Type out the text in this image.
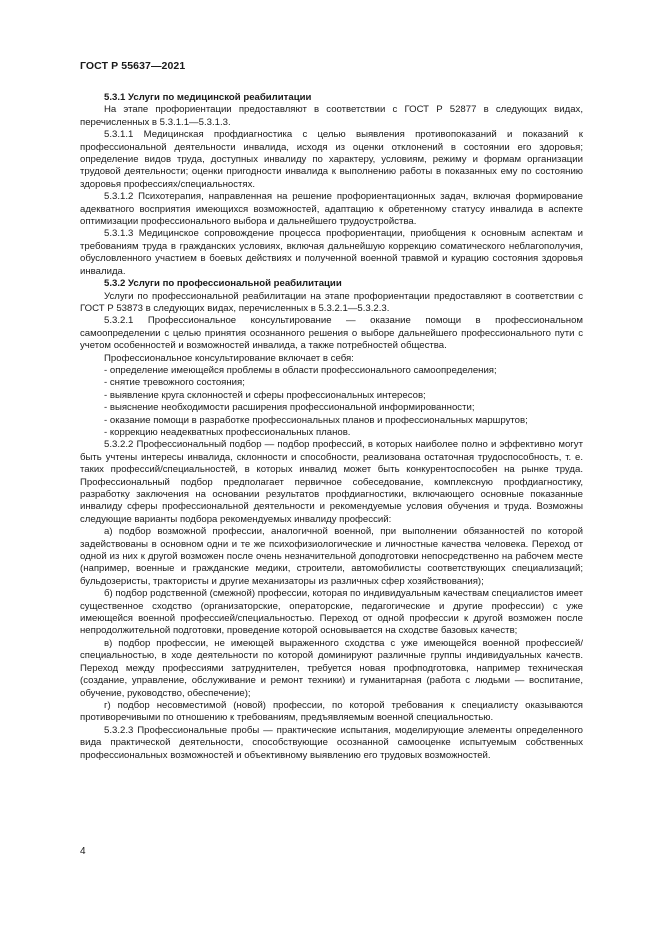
ГОСТ Р 55637—2021

5.3.1 Услуги по медицинской реабилитации

На этапе профориентации предоставляют в соответствии с ГОСТ Р 52877 в следующих видах, перечисленных в 5.3.1.1—5.3.1.3.

5.3.1.1 Медицинская профдиагностика с целью выявления противопоказаний и показаний к профессиональной деятельности инвалида, исходя из оценки отклонений в состоянии его здоровья; определение видов труда, доступных инвалиду по характеру, условиям, режиму и формам организации трудовой деятельности; оценки пригодности инвалида к выполнению работы в показанных ему по состоянию здоровья профессиях/специальностях.

5.3.1.2 Психотерапия, направленная на решение профориентационных задач, включая формирование адекватного восприятия имеющихся возможностей, адаптацию к обретенному статусу инвалида в аспекте оптимизации профессионального выбора и дальнейшего трудоустройства.

5.3.1.3 Медицинское сопровождение процесса профориентации, приобщения к основным аспектам и требованиям труда в гражданских условиях, включая дальнейшую коррекцию соматического неблагополучия, обусловленного участием в боевых действиях и полученной военной травмой и курацию состояния здоровья инвалида.

5.3.2 Услуги по профессиональной реабилитации

Услуги по профессиональной реабилитации на этапе профориентации предоставляют в соответствии с ГОСТ Р 53873 в следующих видах, перечисленных в 5.3.2.1—5.3.2.3.

5.3.2.1 Профессиональное консультирование — оказание помощи в профессиональном самоопределении с целью принятия осознанного решения о выборе дальнейшего профессионального пути с учетом особенностей и возможностей инвалида, а также потребностей общества.

Профессиональное консультирование включает в себя:

- определение имеющейся проблемы в области профессионального самоопределения;

- снятие тревожного состояния;

- выявление круга склонностей и сферы профессиональных интересов;

- выяснение необходимости расширения профессиональной информированности;

- оказание помощи в разработке профессиональных планов и профессиональных маршрутов;

- коррекцию неадекватных профессиональных планов.

5.3.2.2 Профессиональный подбор — подбор профессий, в которых наиболее полно и эффективно могут быть учтены интересы инвалида, склонности и способности, реализована остаточная трудоспособность, т. е. таких профессий/специальностей, в которых инвалид может быть конкурентоспособен на рынке труда. Профессиональный подбор предполагает первичное собеседование, комплексную профдиагностику, разработку заключения на основании результатов профдиагностики, включающего основные показанные инвалиду сферы профессиональной деятельности и рекомендуемые условия обучения и труда. Возможны следующие варианты подбора рекомендуемых инвалиду профессий:

а) подбор возможной профессии, аналогичной военной, при выполнении обязанностей по которой задействованы в основном одни и те же психофизиологические и личностные качества человека. Переход от одной из них к другой возможен после очень незначительной доподготовки непосредственно на рабочем месте (например, военные и гражданские медики, строители, автомобилисты соответствующих специализаций; бульдозеристы, трактористы и другие механизаторы из различных сфер хозяйствования);

б) подбор родственной (смежной) профессии, которая по индивидуальным качествам специалистов имеет существенное сходство (организаторские, операторские, педагогические и другие профессии) с уже имеющейся военной профессией/специальностью. Переход от одной профессии к другой возможен после непродолжительной подготовки, проведение которой основывается на сходстве базовых качеств;

в) подбор профессии, не имеющей выраженного сходства с уже имеющейся военной профессией/специальностью, в ходе деятельности по которой доминируют различные группы индивидуальных качеств. Переход между профессиями затруднителен, требуется новая профподготовка, например техническая (создание, управление, обслуживание и ремонт техники) и гуманитарная (работа с людьми — воспитание, обучение, руководство, обеспечение);

г) подбор несовместимой (новой) профессии, по которой требования к специалисту оказываются противоречивыми по отношению к требованиям, предъявляемым военной специальностью.

5.3.2.3 Профессиональные пробы — практические испытания, моделирующие элементы определенного вида практической деятельности, способствующие осознанной самооценке испытуемым собственных профессиональных возможностей и объективному выявлению его трудовых возможностей.

4
